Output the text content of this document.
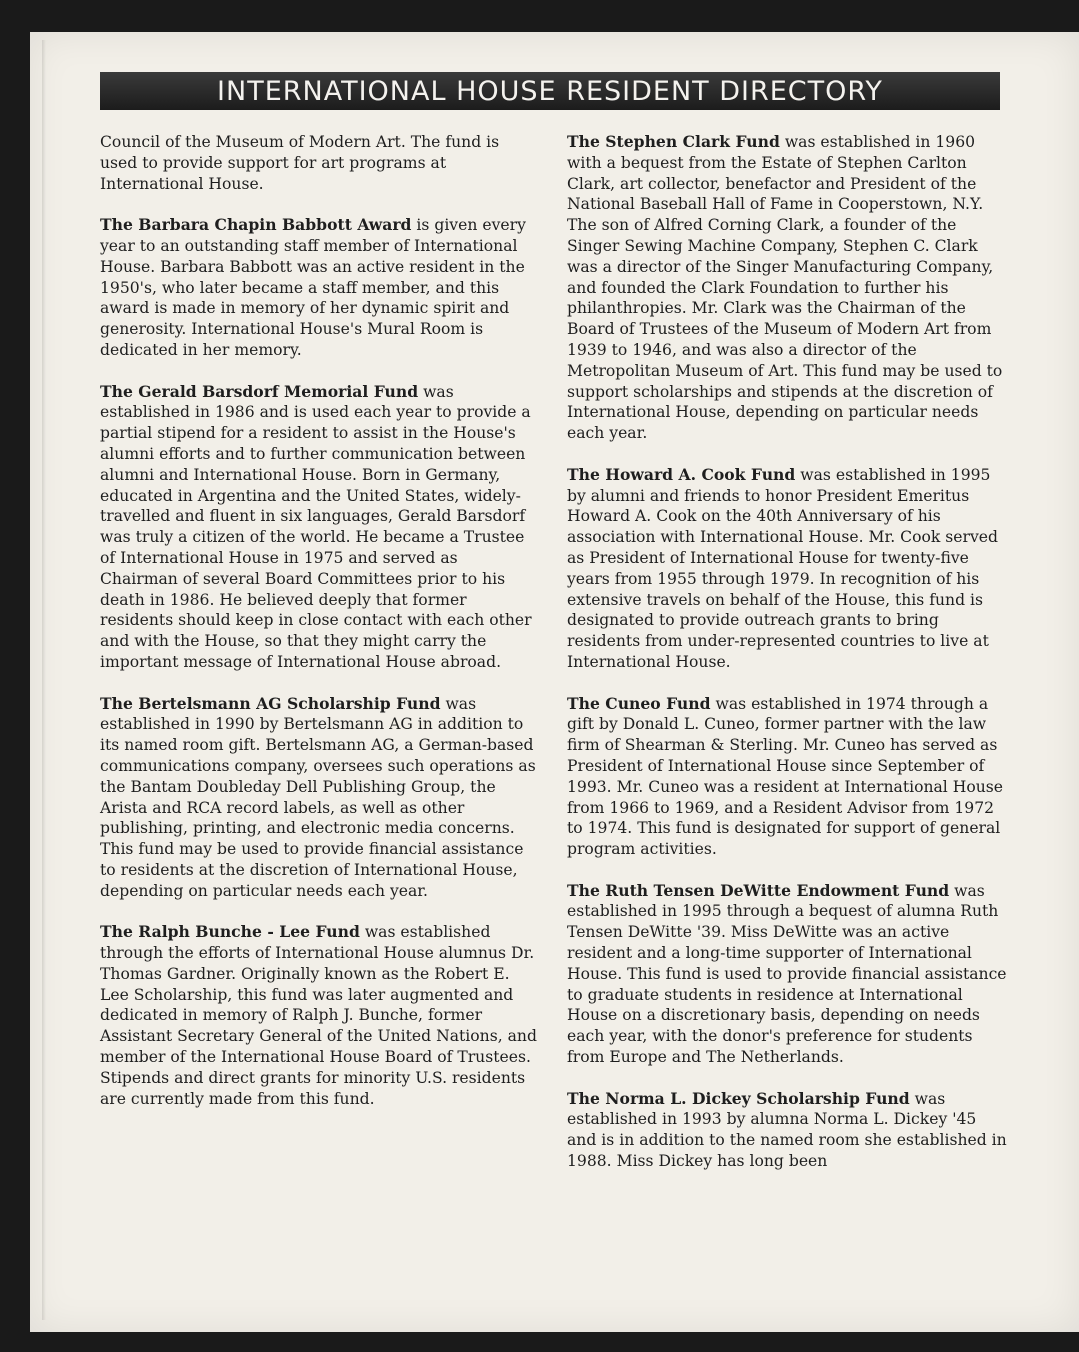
INTERNATIONAL HOUSE RESIDENT DIRECTORY

Council of the Museum of Modern Art. The fund is used to provide support for art programs at International House.

The Barbara Chapin Babbott Award is given every year to an outstanding staff member of International House. Barbara Babbott was an active resident in the 1950's, who later became a staff member, and this award is made in memory of her dynamic spirit and generosity. International House's Mural Room is dedicated in her memory.

The Gerald Barsdorf Memorial Fund was established in 1986 and is used each year to provide a partial stipend for a resident to assist in the House's alumni efforts and to further communication between alumni and International House. Born in Germany, educated in Argentina and the United States, widely-travelled and fluent in six languages, Gerald Barsdorf was truly a citizen of the world. He became a Trustee of International House in 1975 and served as Chairman of several Board Committees prior to his death in 1986. He believed deeply that former residents should keep in close contact with each other and with the House, so that they might carry the important message of International House abroad.

The Bertelsmann AG Scholarship Fund was established in 1990 by Bertelsmann AG in addition to its named room gift. Bertelsmann AG, a German-based communications company, oversees such operations as the Bantam Doubleday Dell Publishing Group, the Arista and RCA record labels, as well as other publishing, printing, and electronic media concerns. This fund may be used to provide financial assistance to residents at the discretion of International House, depending on particular needs each year.

The Ralph Bunche - Lee Fund was established through the efforts of International House alumnus Dr. Thomas Gardner. Originally known as the Robert E. Lee Scholarship, this fund was later augmented and dedicated in memory of Ralph J. Bunche, former Assistant Secretary General of the United Nations, and member of the International House Board of Trustees. Stipends and direct grants for minority U.S. residents are currently made from this fund.

The Stephen Clark Fund was established in 1960 with a bequest from the Estate of Stephen Carlton Clark, art collector, benefactor and President of the National Baseball Hall of Fame in Cooperstown, N.Y. The son of Alfred Corning Clark, a founder of the Singer Sewing Machine Company, Stephen C. Clark was a director of the Singer Manufacturing Company, and founded the Clark Foundation to further his philanthropies. Mr. Clark was the Chairman of the Board of Trustees of the Museum of Modern Art from 1939 to 1946, and was also a director of the Metropolitan Museum of Art. This fund may be used to support scholarships and stipends at the discretion of International House, depending on particular needs each year.

The Howard A. Cook Fund was established in 1995 by alumni and friends to honor President Emeritus Howard A. Cook on the 40th Anniversary of his association with International House. Mr. Cook served as President of International House for twenty-five years from 1955 through 1979. In recognition of his extensive travels on behalf of the House, this fund is designated to provide outreach grants to bring residents from under-represented countries to live at International House.

The Cuneo Fund was established in 1974 through a gift by Donald L. Cuneo, former partner with the law firm of Shearman & Sterling. Mr. Cuneo has served as President of International House since September of 1993. Mr. Cuneo was a resident at International House from 1966 to 1969, and a Resident Advisor from 1972 to 1974. This fund is designated for support of general program activities.

The Ruth Tensen DeWitte Endowment Fund was established in 1995 through a bequest of alumna Ruth Tensen DeWitte '39. Miss DeWitte was an active resident and a long-time supporter of International House. This fund is used to provide financial assistance to graduate students in residence at International House on a discretionary basis, depending on needs each year, with the donor's preference for students from Europe and The Netherlands.

The Norma L. Dickey Scholarship Fund was established in 1993 by alumna Norma L. Dickey '45 and is in addition to the named room she established in 1988. Miss Dickey has long been
